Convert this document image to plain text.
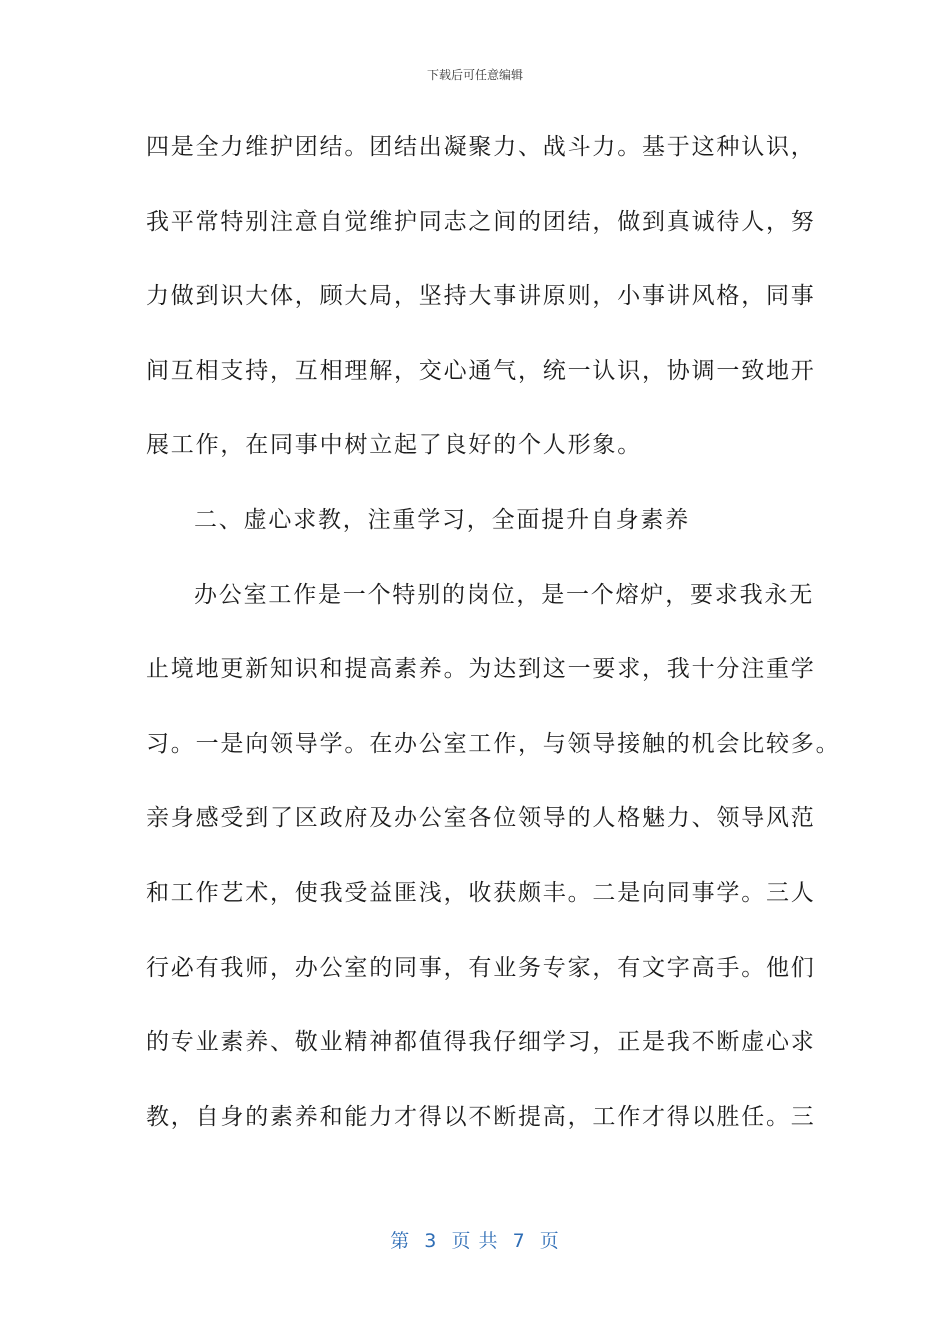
下载后可任意编辑
四是全力维护团结。团结出凝聚力、战斗力。基于这种认识，
我平常特别注意自觉维护同志之间的团结，做到真诚待人，努
力做到识大体，顾大局，坚持大事讲原则，小事讲风格，同事
间互相支持，互相理解，交心通气，统一认识，协调一致地开
展工作，在同事中树立起了良好的个人形象。
二、虚心求教，注重学习，全面提升自身素养
办公室工作是一个特别的岗位，是一个熔炉，要求我永无
止境地更新知识和提高素养。为达到这一要求，我十分注重学
习。一是向领导学。在办公室工作，与领导接触的机会比较多。
亲身感受到了区政府及办公室各位领导的人格魅力、领导风范
和工作艺术，使我受益匪浅，收获颇丰。二是向同事学。三人
行必有我师，办公室的同事，有业务专家，有文字高手。他们
的专业素养、敬业精神都值得我仔细学习，正是我不断虚心求
教，自身的素养和能力才得以不断提高，工作才得以胜任。三
第  3  页 共  7  页
